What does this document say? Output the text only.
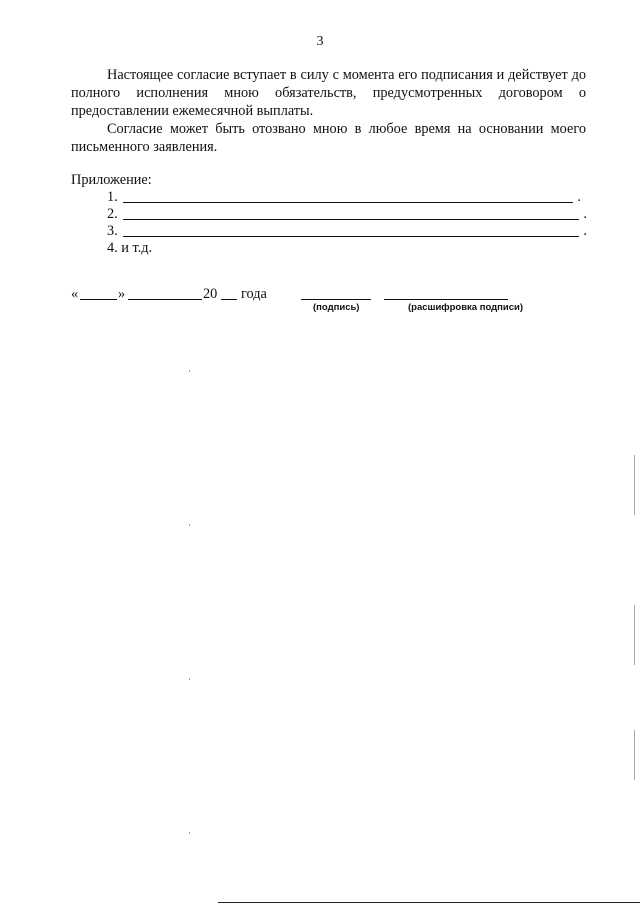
3

Настоящее согласие вступает в силу с момента его подписания и действует до полного исполнения мною обязательств, предусмотренных договором о предоставлении ежемесячной выплаты.

Согласие может быть отозвано мною в любое время на основании моего письменного заявления.

Приложение:
1.	.
2.	.
3.	.
4. и т.д.
«	»	20 года
(подпись)	(расшифровка подписи)
